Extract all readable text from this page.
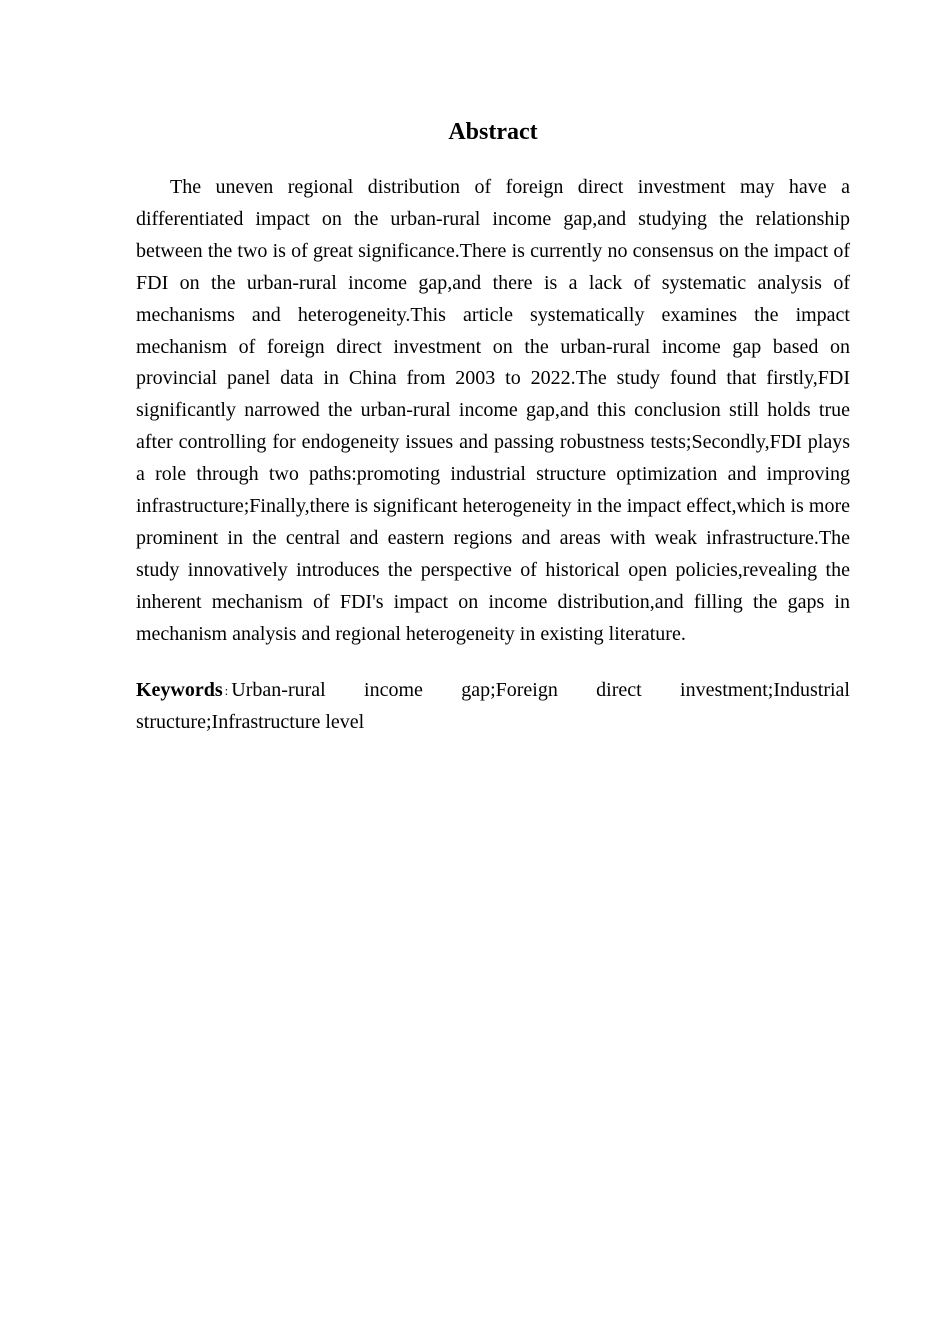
Abstract

The uneven regional distribution of foreign direct investment may have a differentiated impact on the urban-rural income gap,and studying the relationship between the two is of great significance.There is currently no consensus on the impact of FDI on the urban-rural income gap,and there is a lack of systematic analysis of mechanisms and heterogeneity.This article systematically examines the impact mechanism of foreign direct investment on the urban-rural income gap based on provincial panel data in China from 2003 to 2022.The study found that firstly,FDI significantly narrowed the urban-rural income gap,and this conclusion still holds true after controlling for endogeneity issues and passing robustness tests;Secondly,FDI plays a role through two paths:promoting industrial structure optimization and improving infrastructure;Finally,there is significant heterogeneity in the impact effect,which is more prominent in the central and eastern regions and areas with weak infrastructure.The study innovatively introduces the perspective of historical open policies,revealing the inherent mechanism of FDI's impact on income distribution,and filling the gaps in mechanism analysis and regional heterogeneity in existing literature.

Keywords : Urban-rural income gap;Foreign direct investment;Industrial structure;Infrastructure level
